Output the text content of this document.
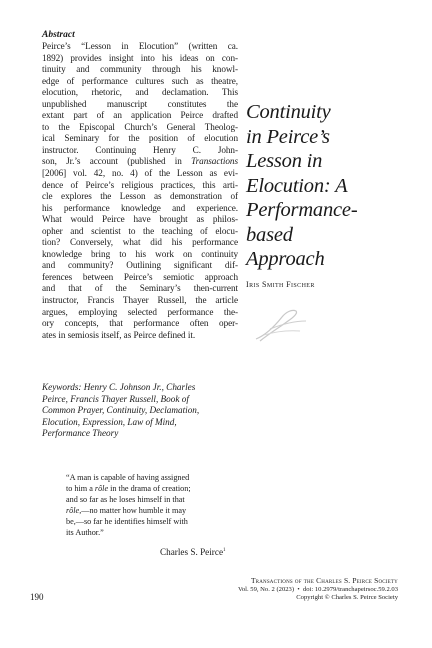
Abstract
Peirce’s “Lesson in Elocution” (written ca.
1892) provides insight into his ideas on con-
tinuity and community through his knowl-
edge of performance cultures such as theatre,
elocution, rhetoric, and declamation. This
unpublished manuscript constitutes the
extant part of an application Peirce drafted
to the Episcopal Church’s General Theolog-
ical Seminary for the position of elocution
instructor. Continuing Henry C. John-
son, Jr.’s account (published in Transactions
[2006] vol. 42, no. 4) of the Lesson as evi-
dence of Peirce’s religious practices, this arti-
cle explores the Lesson as demonstration of
his performance knowledge and experience.
What would Peirce have brought as philos-
opher and scientist to the teaching of elocu-
tion? Conversely, what did his performance
knowledge bring to his work on continuity
and community? Outlining significant dif-
ferences between Peirce’s semiotic approach
and that of the Seminary’s then-current
instructor, Francis Thayer Russell, the article
argues, employing selected performance the-
ory concepts, that performance often oper-
ates in semiosis itself, as Peirce defined it.
Keywords: Henry C. Johnson Jr., Charles
Peirce, Francis Thayer Russell, Book of
Common Prayer, Continuity, Declamation,
Elocution, Expression, Law of Mind,
Performance Theory
Continuity
in Peirce’s
Lesson in
Elocution: A
Performance-
based
Approach
Iris Smith Fischer
“A man is capable of having assigned
to him a rôle in the drama of creation;
and so far as he loses himself in that
rôle,—no matter how humble it may
be,—so far he identifies himself with
its Author.”
Charles S. Peirce$^1$
190
Transactions of the Charles S. Peirce Society
Vol. 59, No. 2 (2023)  •  doi: 10.2979/tranchapeirsoc.59.2.03
Copyright © Charles S. Peirce Society
